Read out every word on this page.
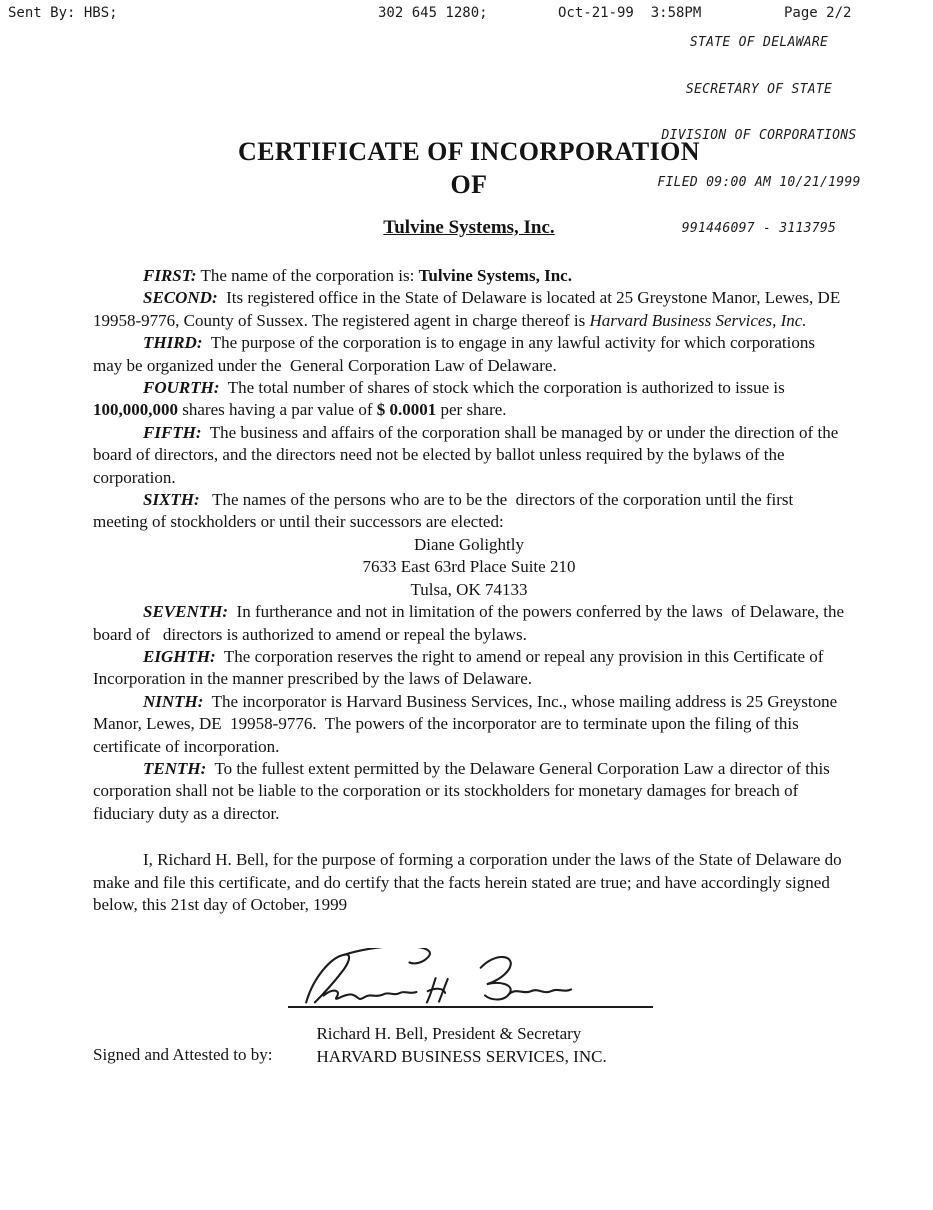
Sent By: HBS;	302 645 1280;	Oct-21-99  3:58PM	Page 2/2

STATE OF DELAWARE

SECRETARY OF STATE

DIVISION OF CORPORATIONS

FILED 09:00 AM 10/21/1999

991446097 - 3113795

CERTIFICATE OF INCORPORATION
OF
Tulvine Systems, Inc.

FIRST: The name of the corporation is: Tulvine Systems, Inc.

SECOND:  Its registered office in the State of Delaware is located at 25 Greystone Manor, Lewes, DE 19958-9776, County of Sussex. The registered agent in charge thereof is Harvard Business Services, Inc.

THIRD:  The purpose of the corporation is to engage in any lawful activity for which corporations may be organized under the  General Corporation Law of Delaware.

FOURTH:  The total number of shares of stock which the corporation is authorized to issue is 100,000,000 shares having a par value of $ 0.0001 per share.

FIFTH:  The business and affairs of the corporation shall be managed by or under the direction of the board of directors, and the directors need not be elected by ballot unless required by the bylaws of the corporation.

SIXTH:   The names of the persons who are to be the  directors of the corporation until the first meeting of stockholders or until their successors are elected:

Diane Golightly

7633 East 63rd Place Suite 210

Tulsa, OK 74133

SEVENTH:  In furtherance and not in limitation of the powers conferred by the laws  of Delaware, the board of   directors is authorized to amend or repeal the bylaws.

EIGHTH:  The corporation reserves the right to amend or repeal any provision in this Certificate of Incorporation in the manner prescribed by the laws of Delaware.

NINTH:  The incorporator is Harvard Business Services, Inc., whose mailing address is 25 Greystone Manor, Lewes, DE  19958-9776.  The powers of the incorporator are to terminate upon the filing of this certificate of incorporation.

TENTH:  To the fullest extent permitted by the Delaware General Corporation Law a director of this corporation shall not be liable to the corporation or its stockholders for monetary damages for breach of fiduciary duty as a director.

I, Richard H. Bell, for the purpose of forming a corporation under the laws of the State of Delaware do make and file this certificate, and do certify that the facts herein stated are true; and have accordingly signed below, this 21st day of October, 1999

Signed and Attested to by:
Richard H. Bell, President & Secretary
HARVARD BUSINESS SERVICES, INC.
